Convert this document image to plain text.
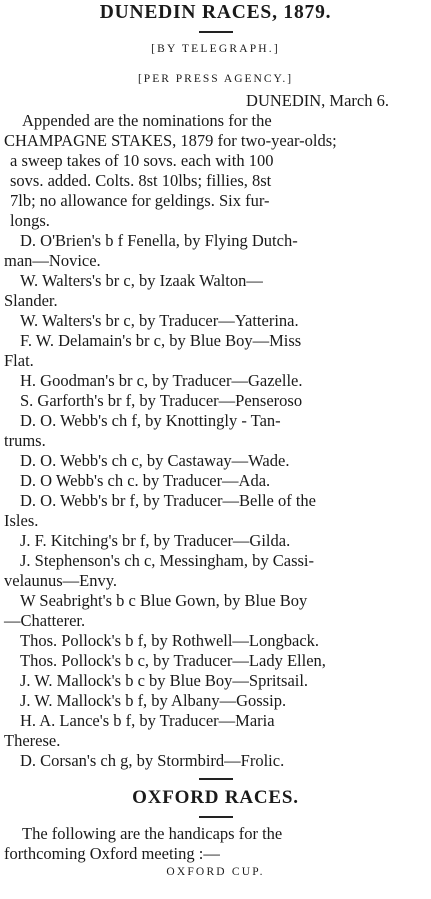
DUNEDIN RACES, 1879.

[BY TELEGRAPH.]

[PER PRESS AGENCY.]

DUNEDIN, March 6.

Appended are the nominations for the
CHAMPAGNE STAKES, 1879 for two-year-olds;
a sweep takes of 10 sovs. each with 100
sovs. added. Colts. 8st 10lbs; fillies, 8st
7lb; no allowance for geldings. Six fur-
longs.

D. O'Brien's b f Fenella, by Flying Dutch-
man—Novice.

W. Walters's br c, by Izaak Walton—
Slander.

W. Walters's br c, by Traducer—Yatterina.

F. W. Delamain's br c, by Blue Boy—Miss
Flat.

H. Goodman's br c, by Traducer—Gazelle.

S. Garforth's br f, by Traducer—Penseroso

D. O. Webb's ch f, by Knottingly - Tan-
trums.

D. O. Webb's ch c, by Castaway—Wade.

D. O Webb's ch c. by Traducer—Ada.

D. O. Webb's br f, by Traducer—Belle of the
Isles.

J. F. Kitching's br f, by Traducer—Gilda.

J. Stephenson's ch c, Messingham, by Cassi-
velaunus—Envy.

W Seabright's b c Blue Gown, by Blue Boy
—Chatterer.

Thos. Pollock's b f, by Rothwell—Longback.

Thos. Pollock's b c, by Traducer—Lady Ellen,

J. W. Mallock's b c by Blue Boy—Spritsail.

J. W. Mallock's b f, by Albany—Gossip.

H. A. Lance's b f, by Traducer—Maria
Therese.

D. Corsan's ch g, by Stormbird—Frolic.

OXFORD RACES.
The following are the handicaps for the
forthcoming Oxford meeting :—

OXFORD CUP.
